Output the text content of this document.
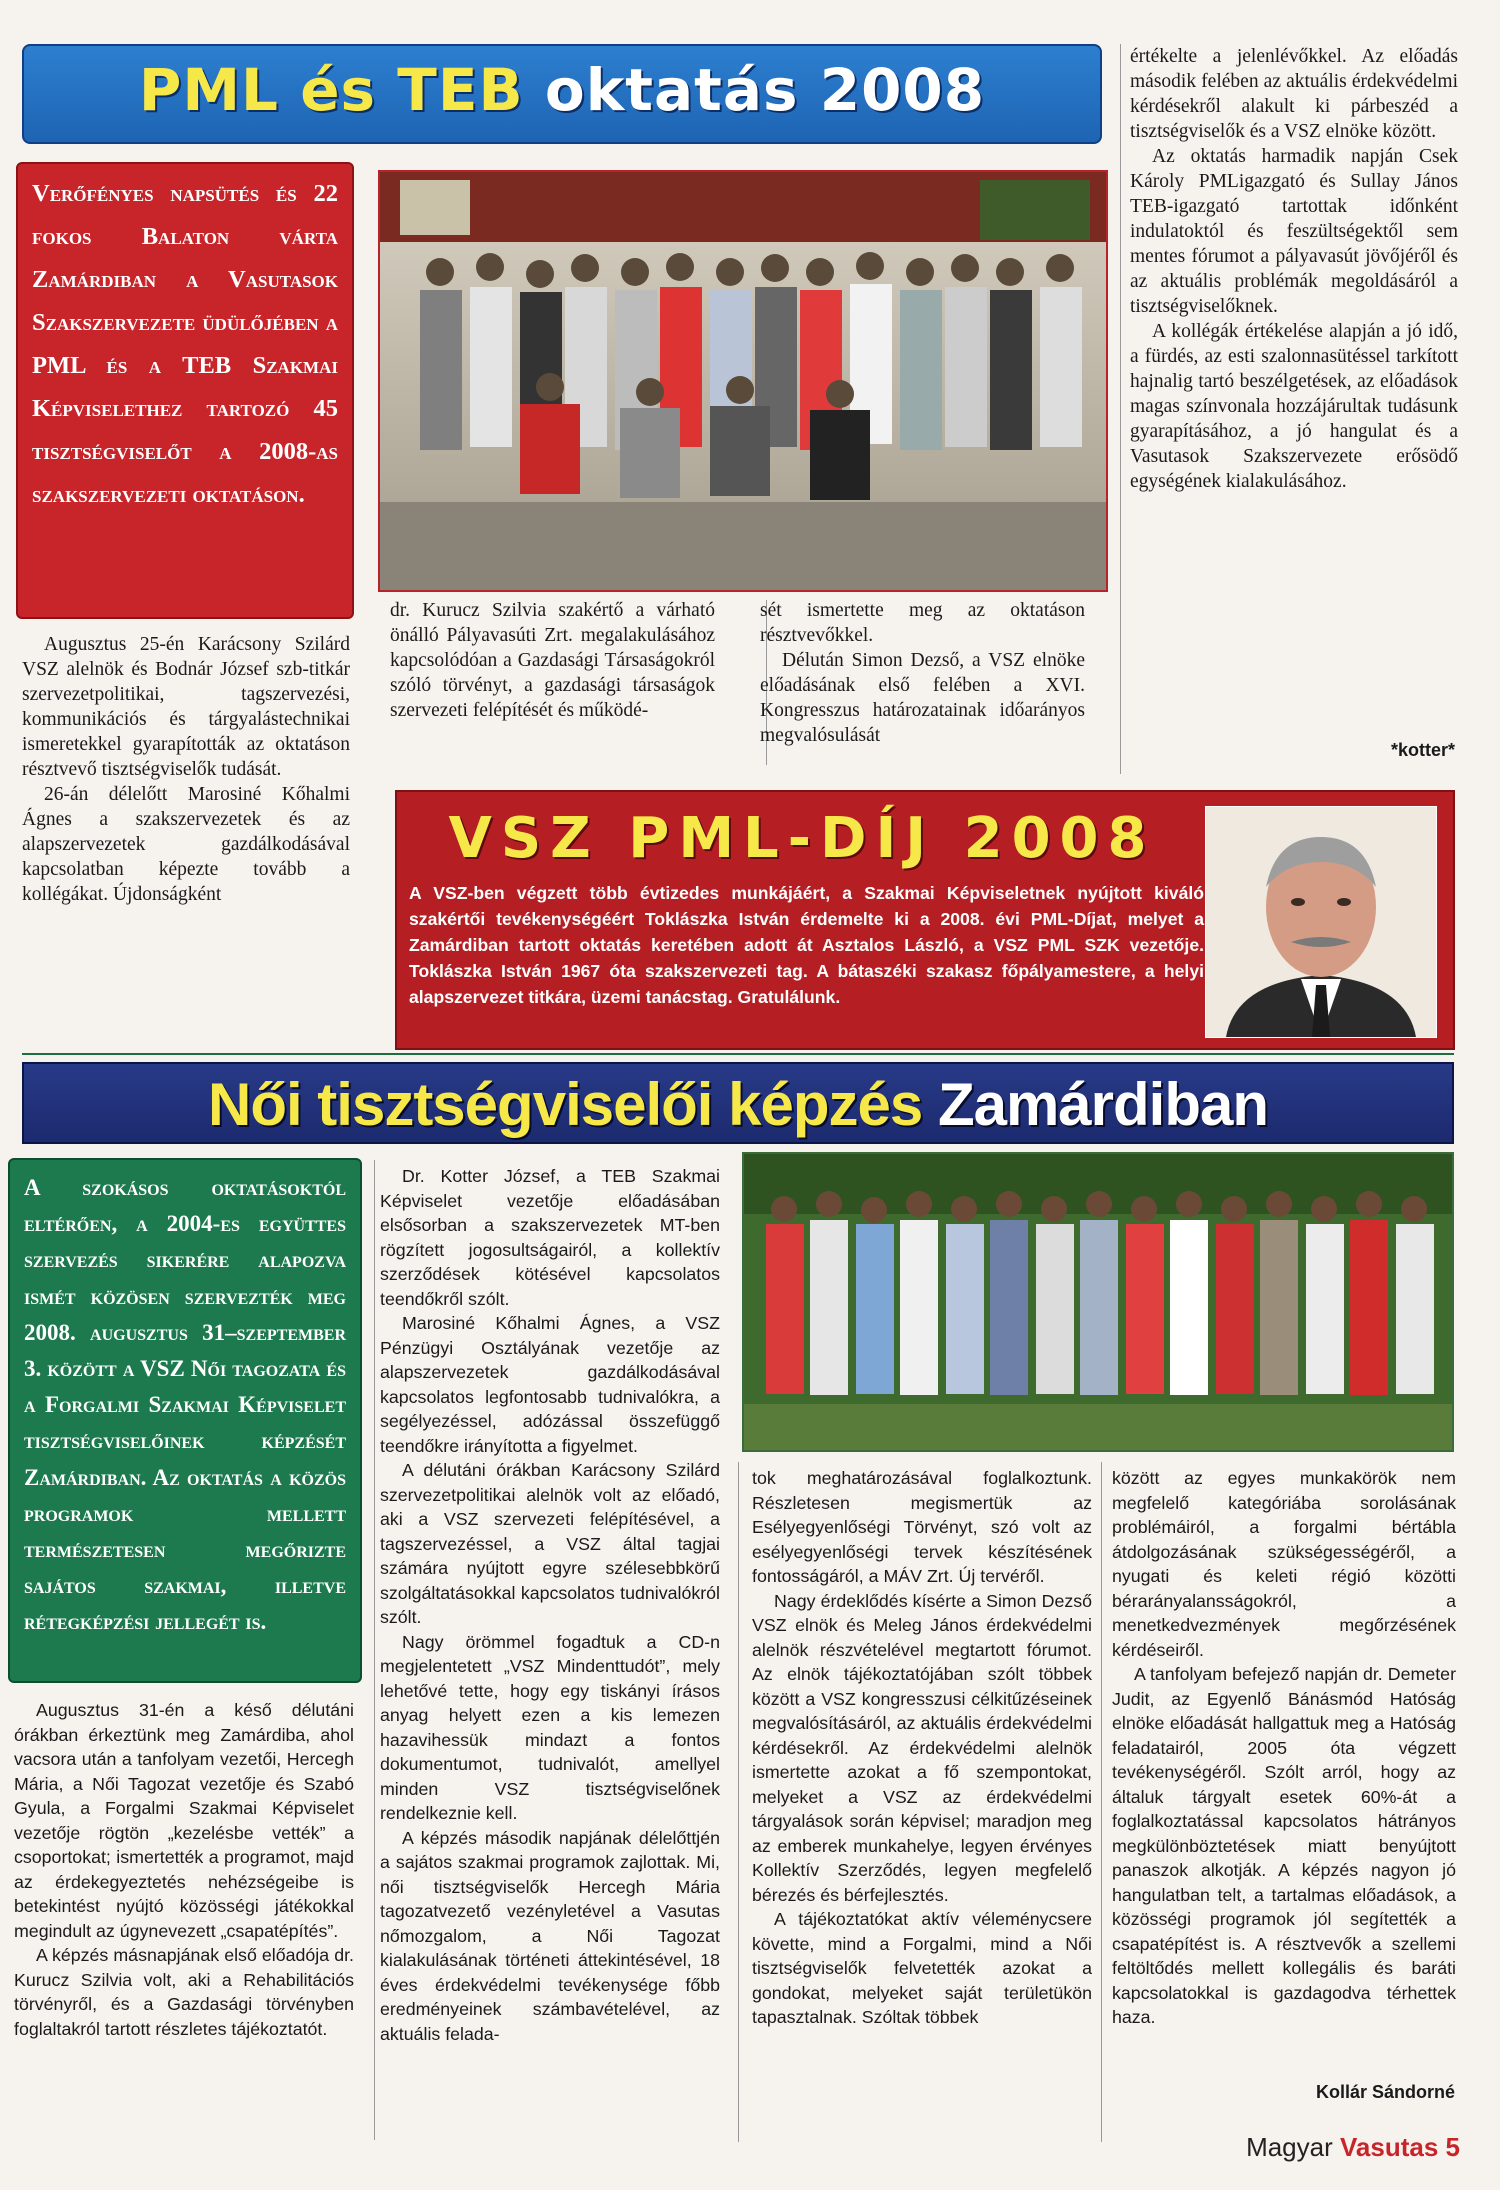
PML és TEB oktatás 2008
Verőfényes napsütés és 22 fokos Balaton várta Zamárdiban a Vasutasok Szakszervezete üdülőjében a PML és a TEB Szakmai Képviselethez tartozó 45 tisztségviselőt a 2008-as szakszervezeti oktatáson.

Augusztus 25-én Karácsony Szilárd VSZ alelnök és Bodnár József szb-titkár szervezetpolitikai, tagszervezési, kommunikációs és tárgyalástechnikai ismeretekkel gyarapították az oktatáson résztvevő tisztségviselők tudását.

26-án délelőtt Marosiné Kőhalmi Ágnes a szakszervezetek és az alapszervezetek gazdálkodásával kapcsolatban képezte tovább a kollégákat. Újdonságként

dr. Kurucz Szilvia szakértő a várható önálló Pályavasúti Zrt. megalakulásához kapcsolódóan a Gazdasági Társaságokról szóló törvényt, a gazdasági társaságok szervezeti felépítését és működé-

sét ismertette meg az oktatáson résztvevőkkel.

Délután Simon Dezső, a VSZ elnöke előadásának első felében a XVI. Kongresszus határozatainak időarányos megvalósulását

értékelte a jelenlévőkkel. Az előadás második felében az aktuális érdekvédelmi kérdésekről alakult ki párbeszéd a tisztségviselők és a VSZ elnöke között.

Az oktatás harmadik napján Csek Károly PMLigazgató és Sullay János TEB-igazgató tartottak időnként indulatoktól és feszültségektől sem mentes fórumot a pályavasút jövőjéről és az aktuális problémák megoldásáról a tisztségviselőknek.

A kollégák értékelése alapján a jó idő, a fürdés, az esti szalonnasütéssel tarkított hajnalig tartó beszélgetések, az előadások magas színvonala hozzájárultak tudásunk gyarapításához, a jó hangulat és a Vasutasok Szakszervezete erősödő egységének kialakulásához.

*kotter*
VSZ PML-DÍJ 2008
A VSZ-ben végzett több évtizedes munkájáért, a Szakmai Képviseletnek nyújtott kiváló szakértői tevékenységéért Toklászka István érdemelte ki a 2008. évi PML-Díjat, melyet a Zamárdiban tartott oktatás keretében adott át Asztalos László, a VSZ PML SZK vezetője. Toklászka István 1967 óta szakszervezeti tag. A bátaszéki szakasz főpályamestere, a helyi alapszervezet titkára, üzemi tanácstag. Gratulálunk.
Női tisztségviselői képzés Zamárdiban
A szokásos oktatásoktól eltérően, a 2004-es együttes szervezés sikerére alapozva ismét közösen szervezték meg 2008. augusztus 31–szeptember 3. között a VSZ Női tagozata és a Forgalmi Szakmai Képviselet tisztségviselőinek képzését Zamárdiban. Az oktatás a közös programok mellett természetesen megőrizte sajátos szakmai, illetve rétegképzési jellegét is.

Augusztus 31-én a késő délutáni órákban érkeztünk meg Zamárdiba, ahol vacsora után a tanfolyam vezetői, Hercegh Mária, a Női Tagozat vezetője és Szabó Gyula, a Forgalmi Szakmai Képviselet vezetője rögtön „kezelésbe vették” a csoportokat; ismertették a programot, majd az érdekegyeztetés nehézségeibe is betekintést nyújtó közösségi játékokkal megindult az úgynevezett „csapatépítés”.

A képzés másnapjának első előadója dr. Kurucz Szilvia volt, aki a Rehabilitációs törvényről, és a Gazdasági törvényben foglaltakról tartott részletes tájékoztatót.

Dr. Kotter József, a TEB Szakmai Képviselet vezetője előadásában elsősorban a szakszervezetek MT-ben rögzített jogosultságairól, a kollektív szerződések kötésével kapcsolatos teendőkről szólt.

Marosiné Kőhalmi Ágnes, a VSZ Pénzügyi Osztályának vezetője az alapszervezetek gazdálkodásával kapcsolatos legfontosabb tudnivalókra, a segélyezéssel, adózással összefüggő teendőkre irányította a figyelmet.

A délutáni órákban Karácsony Szilárd szervezetpolitikai alelnök volt az előadó, aki a VSZ szervezeti felépítésével, a tagszervezéssel, a VSZ által tagjai számára nyújtott egyre szélesebbkörű szolgáltatásokkal kapcsolatos tudnivalókról szólt.

Nagy örömmel fogadtuk a CD-n megjelentetett „VSZ Mindenttudót”, mely lehetővé tette, hogy egy tiskányi írásos anyag helyett ezen a kis lemezen hazavihessük mindazt a fontos dokumentumot, tudnivalót, amellyel minden VSZ tisztségviselőnek rendelkeznie kell.

A képzés második napjának délelőttjén a sajátos szakmai programok zajlottak. Mi, női tisztségviselők Hercegh Mária tagozatvezető vezényletével a Vasutas nőmozgalom, a Női Tagozat kialakulásának történeti áttekintésével, 18 éves érdekvédelmi tevékenysége főbb eredményeinek számbavételével, az aktuális felada-

tok meghatározásával foglalkoztunk. Részletesen megismertük az Esélyegyenlőségi Törvényt, szó volt az esélyegyenlőségi tervek készítésének fontosságáról, a MÁV Zrt. Új tervéről.

Nagy érdeklődés kísérte a Simon Dezső VSZ elnök és Meleg János érdekvédelmi alelnök részvételével megtartott fórumot. Az elnök tájékoztatójában szólt többek között a VSZ kongresszusi célkitűzéseinek megvalósításáról, az aktuális érdekvédelmi kérdésekről. Az érdekvédelmi alelnök ismertette azokat a fő szempontokat, melyeket a VSZ az érdekvédelmi tárgyalások során képvisel; maradjon meg az emberek munkahelye, legyen érvényes Kollektív Szerződés, legyen megfelelő bérezés és bérfejlesztés.

A tájékoztatókat aktív véleménycsere követte, mind a Forgalmi, mind a Női tisztségviselők felvetették azokat a gondokat, melyeket saját területükön tapasztalnak. Szóltak többek

között az egyes munkakörök nem megfelelő kategóriába sorolásának problémáiról, a forgalmi bértábla átdolgozásának szükségességéről, a nyugati és keleti régió közötti bérarányalansságokról, a menetkedvezmények megőrzésének kérdéseiről.

A tanfolyam befejező napján dr. Demeter Judit, az Egyenlő Bánásmód Hatóság elnöke előadását hallgattuk meg a Hatóság feladatairól, 2005 óta végzett tevékenységéről. Szólt arról, hogy az általuk tárgyalt esetek 60%-át a foglalkoztatással kapcsolatos hátrányos megkülönböztetések miatt benyújtott panaszok alkotják. A képzés nagyon jó hangulatban telt, a tartalmas előadások, a közösségi programok jól segítették a csapatépítést is. A résztvevők a szellemi feltöltődés mellett kollegális és baráti kapcsolatokkal is gazdagodva térhettek haza.

Kollár Sándorné
Magyar Vasutas 5
